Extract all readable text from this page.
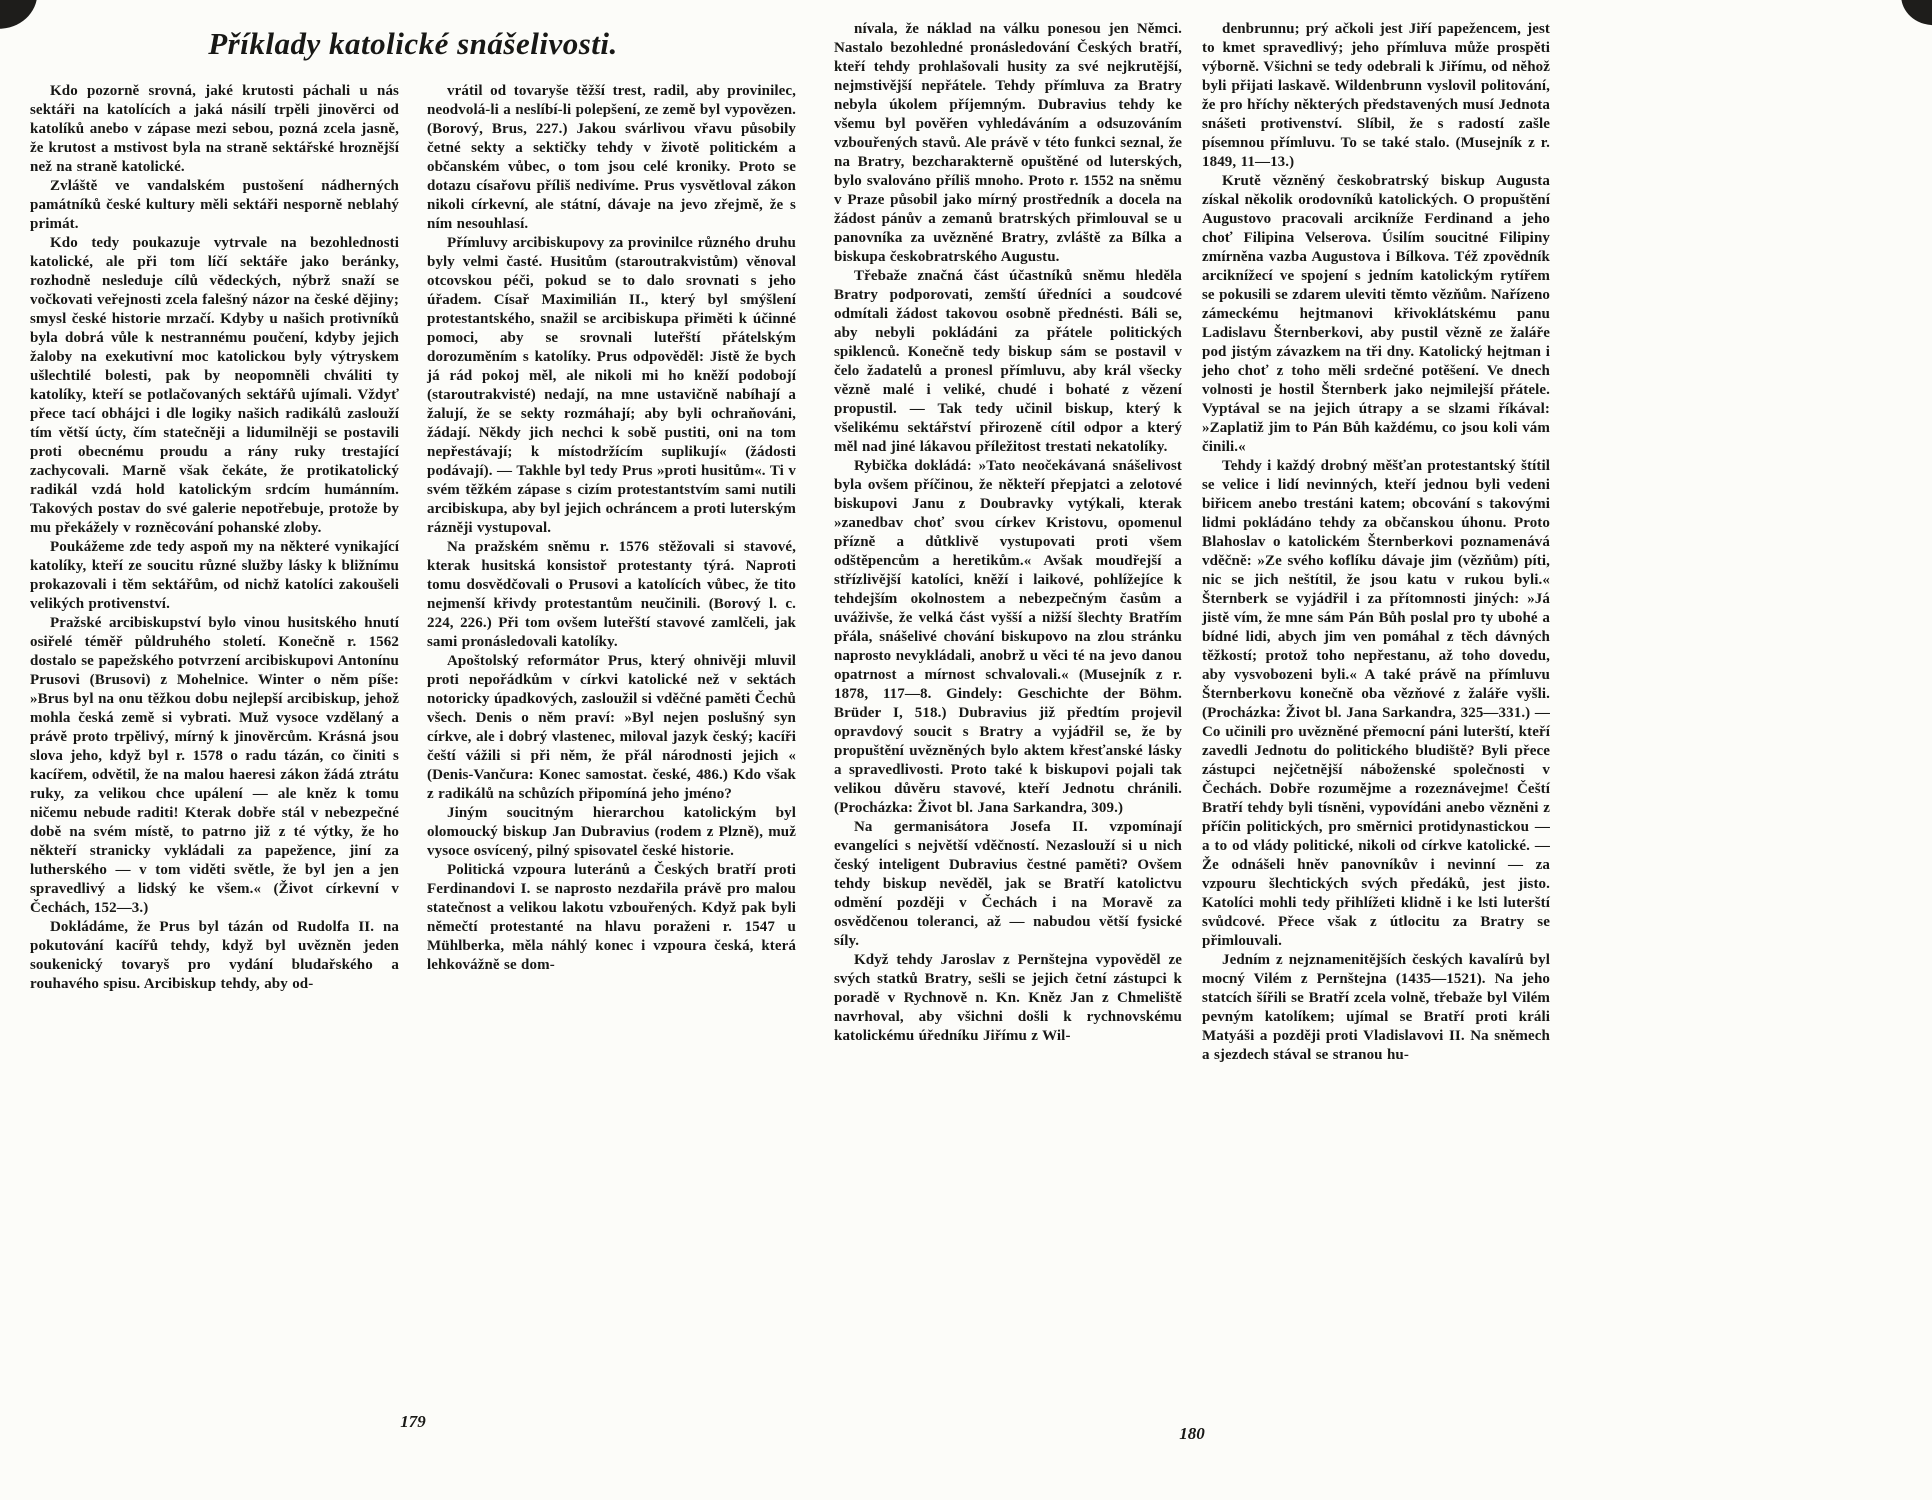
Příklady katolické snášelivosti.

Kdo pozorně srovná, jaké krutosti páchali u nás sektáři na katolících a jaká násilí trpěli jinověrci od katolíků anebo v zápase mezi sebou, pozná zcela jasně, že krutost a mstivost byla na straně sektářské hroznější než na straně katolické.

Zvláště ve vandalském pustošení nádherných památníků české kultury měli sektáři nesporně neblahý primát.

Kdo tedy poukazuje vytrvale na bezohlednosti katolické, ale při tom líčí sektáře jako beránky, rozhodně nesleduje cílů vědeckých, nýbrž snaží se vočkovati veřejnosti zcela falešný názor na české dějiny; smysl české historie mrzačí. Kdyby u našich protivníků byla dobrá vůle k nestrannému poučení, kdyby jejich žaloby na exekutivní moc katolickou byly výtryskem ušlechtilé bolesti, pak by neopomněli chváliti ty katolíky, kteří se potlačovaných sektářů ujímali. Vždyť přece tací obhájci i dle logiky našich radikálů zaslouží tím větší úcty, čím statečněji a lidumilněji se postavili proti obecnému proudu a rány ruky trestající zachycovali. Marně však čekáte, že protikatolický radikál vzdá hold katolickým srdcím humánním. Takových postav do své galerie nepotřebuje, protože by mu překážely v rozněcování pohanské zloby.

Poukážeme zde tedy aspoň my na některé vynikající katolíky, kteří ze soucitu různé služby lásky k bližnímu prokazovali i těm sektářům, od nichž katolíci zakoušeli velikých protivenství.

Pražské arcibiskupství bylo vinou husitského hnutí osiřelé téměř půldruhého století. Konečně r. 1562 dostalo se papežského potvrzení arcibiskupovi Antonínu Prusovi (Brusovi) z Mohelnice. Winter o něm píše: »Brus byl na onu těžkou dobu nejlepší arcibiskup, jehož mohla česká země si vybrati. Muž vysoce vzdělaný a právě proto trpělivý, mírný k jinověrcům. Krásná jsou slova jeho, když byl r. 1578 o radu tázán, co činiti s kacířem, odvětil, že na malou haeresi zákon žádá ztrátu ruky, za velikou chce upálení — ale kněz k tomu ničemu nebude raditi! Kterak dobře stál v nebezpečné době na svém místě, to patrno již z té výtky, že ho někteří stranicky vykládali za papežence, jiní za lutherského — v tom viděti světle, že byl jen a jen spravedlivý a lidský ke všem.« (Život církevní v Čechách, 152—3.)

Dokládáme, že Prus byl tázán od Rudolfa II. na pokutování kacířů tehdy, když byl uvězněn jeden soukenický tovaryš pro vydání bludařského a rouhavého spisu. Arcibiskup tehdy, aby od-

vrátil od tovaryše těžší trest, radil, aby provinilec, neodvolá-li a neslíbí-li polepšení, ze země byl vypovězen. (Borový, Brus, 227.) Jakou svárlivou vřavu působily četné sekty a sektičky tehdy v životě politickém a občanském vůbec, o tom jsou celé kroniky. Proto se dotazu císařovu příliš nedivíme. Prus vysvětloval zákon nikoli církevní, ale státní, dávaje na jevo zřejmě, že s ním nesouhlasí.

Přímluvy arcibiskupovy za provinilce různého druhu byly velmi časté. Husitům (staroutrakvistům) věnoval otcovskou péči, pokud se to dalo srovnati s jeho úřadem. Císař Maximilián II., který byl smýšlení protestantského, snažil se arcibiskupa přiměti k účinné pomoci, aby se srovnali luteřští přátelským dorozuměním s katolíky. Prus odpověděl: Jistě že bych já rád pokoj měl, ale nikoli mi ho kněží podobojí (staroutrakvisté) nedají, na mne ustavičně nabíhají a žalují, že se sekty rozmáhají; aby byli ochraňováni, žádají. Někdy jich nechci k sobě pustiti, oni na tom nepřestávají; k místodržícím suplikují« (žádosti podávají). — Takhle byl tedy Prus »proti husitům«. Ti v svém těžkém zápase s cizím protestantstvím sami nutili arcibiskupa, aby byl jejich ochráncem a proti luterským rázněji vystupoval.

Na pražském sněmu r. 1576 stěžovali si stavové, kterak husitská konsistoř protestanty týrá. Naproti tomu dosvědčovali o Prusovi a katolících vůbec, že tito nejmenší křivdy protestantům neučinili. (Borový l. c. 224, 226.) Při tom ovšem luteřští stavové zamlčeli, jak sami pronásledovali katolíky.

Apoštolský reformátor Prus, který ohnivěji mluvil proti nepořádkům v církvi katolické než v sektách notoricky úpadkových, zasloužil si vděčné paměti Čechů všech. Denis o něm praví: »Byl nejen poslušný syn církve, ale i dobrý vlastenec, miloval jazyk český; kacíři čeští vážili si při něm, že přál národnosti jejich « (Denis-Vančura: Konec samostat. české, 486.) Kdo však z radikálů na schůzích připomíná jeho jméno?

Jiným soucitným hierarchou katolickým byl olomoucký biskup Jan Dubravius (rodem z Plzně), muž vysoce osvícený, pilný spisovatel české historie.

Politická vzpoura luteránů a Českých bratří proti Ferdinandovi I. se naprosto nezdařila právě pro malou statečnost a velikou lakotu vzbouřených. Když pak byli němečtí protestanté na hlavu poraženi r. 1547 u Mühlberka, měla náhlý konec i vzpoura česká, která lehkovážně se dom-

nívala, že náklad na válku ponesou jen Němci. Nastalo bezohledné pronásledování Českých bratří, kteří tehdy prohlašovali husity za své nejkrutější, nejmstivější nepřátele. Tehdy přímluva za Bratry nebyla úkolem příjemným. Dubravius tehdy ke všemu byl pověřen vyhledáváním a odsuzováním vzbouřených stavů. Ale právě v této funkci seznal, že na Bratry, bezcharakterně opuštěné od luterských, bylo svalováno příliš mnoho. Proto r. 1552 na sněmu v Praze působil jako mírný prostředník a docela na žádost pánův a zemanů bratrských přimlouval se u panovníka za uvězněné Bratry, zvláště za Bílka a biskupa českobratrského Augustu.

Třebaže značná část účastníků sněmu hleděla Bratry podporovati, zemští úředníci a soudcové odmítali žádost takovou osobně přednésti. Báli se, aby nebyli pokládáni za přátele politických spiklenců. Konečně tedy biskup sám se postavil v čelo žadatelů a pronesl přímluvu, aby král všecky vězně malé i veliké, chudé i bohaté z vězení propustil. — Tak tedy učinil biskup, který k všelikému sektářství přirozeně cítil odpor a který měl nad jiné lákavou příležitost trestati nekatolíky.

Rybička dokládá: »Tato neočekávaná snášelivost byla ovšem příčinou, že někteří přepjatci a zelotové biskupovi Janu z Doubravky vytýkali, kterak »zanedbav choť svou církev Kristovu, opomenul přízně a důtklivě vystupovati proti všem odštěpencům a heretikům.« Avšak moudřejší a střízlivější katolíci, kněží i laikové, pohlížejíce k tehdejším okolnostem a nebezpečným časům a uváživše, že velká část vyšší a nižší šlechty Bratřím přála, snášelivé chování biskupovo na zlou stránku naprosto nevykládali, anobrž u věci té na jevo danou opatrnost a mírnost schvalovali.« (Musejník z r. 1878, 117—8. Gindely: Geschichte der Böhm. Brüder I, 518.) Dubravius již předtím projevil opravdový soucit s Bratry a vyjádřil se, že by propuštění uvězněných bylo aktem křesťanské lásky a spravedlivosti. Proto také k biskupovi pojali tak velikou důvěru stavové, kteří Jednotu chránili. (Procházka: Život bl. Jana Sarkandra, 309.)

Na germanisátora Josefa II. vzpomínají evangelíci s největší vděčností. Nezaslouží si u nich český inteligent Dubravius čestné paměti? Ovšem tehdy biskup nevěděl, jak se Bratří katolictvu odmění později v Čechách i na Moravě za osvědčenou toleranci, až — nabudou větší fysické síly.

Když tehdy Jaroslav z Pernštejna vypověděl ze svých statků Bratry, sešli se jejich četní zástupci k poradě v Rychnově n. Kn. Kněz Jan z Chmeliště navrhoval, aby všichni došli k rychnovskému katolickému úředníku Jiřímu z Wil-

denbrunnu; prý ačkoli jest Jiří papežencem, jest to kmet spravedlivý; jeho přímluva může prospěti výborně. Všichni se tedy odebrali k Jiřímu, od něhož byli přijati laskavě. Wildenbrunn vyslovil politování, že pro hříchy některých představených musí Jednota snášeti protivenství. Slíbil, že s radostí zašle písemnou přímluvu. To se také stalo. (Musejník z r. 1849, 11—13.)

Krutě vězněný českobratrský biskup Augusta získal několik orodovníků katolických. O propuštění Augustovo pracovali arcikníže Ferdinand a jeho choť Filipina Velserova. Úsilím soucitné Filipiny zmírněna vazba Augustova i Bílkova. Též zpovědník arciknížecí ve spojení s jedním katolickým rytířem se pokusili se zdarem uleviti těmto vězňům. Nařízeno zámeckému hejtmanovi křivoklátskému panu Ladislavu Šternberkovi, aby pustil vězně ze žaláře pod jistým závazkem na tři dny. Katolický hejtman i jeho choť z toho měli srdečné potěšení. Ve dnech volnosti je hostil Šternberk jako nejmilejší přátele. Vyptával se na jejich útrapy a se slzami říkával: »Zaplatiž jim to Pán Bůh každému, co jsou koli vám činili.«

Tehdy i každý drobný měšťan protestantský štítil se velice i lidí nevinných, kteří jednou byli vedeni biřicem anebo trestáni katem; obcování s takovými lidmi pokládáno tehdy za občanskou úhonu. Proto Blahoslav o katolickém Šternberkovi poznamenává vděčně: »Ze svého koflíku dávaje jim (vězňům) píti, nic se jich neštítil, že jsou katu v rukou byli.« Šternberk se vyjádřil i za přítomnosti jiných: »Já jistě vím, že mne sám Pán Bůh poslal pro ty ubohé a bídné lidi, abych jim ven pomáhal z těch dávných těžkostí; protož toho nepřestanu, až toho dovedu, aby vysvobozeni byli.« A také právě na přímluvu Šternberkovu konečně oba vězňové z žaláře vyšli. (Procházka: Život bl. Jana Sarkandra, 325—331.) — Co učinili pro uvězněné přemocní páni luterští, kteří zavedli Jednotu do politického bludiště? Byli přece zástupci nejčetnější náboženské společnosti v Čechách. Dobře rozumějme a rozeznávejme! Čeští Bratří tehdy byli tísněni, vypovídáni anebo vězněni z příčin politických, pro směrnici protidynastickou — a to od vlády politické, nikoli od církve katolické. — Že odnášeli hněv panovníkův i nevinní — za vzpouru šlechtických svých předáků, jest jisto. Katolíci mohli tedy přihlížeti klidně i ke lsti luterští svůdcové. Přece však z útlocitu za Bratry se přimlouvali.

Jedním z nejznamenitějších českých kavalírů byl mocný Vilém z Pernštejna (1435—1521). Na jeho statcích šířili se Bratří zcela volně, třebaže byl Vilém pevným katolíkem; ujímal se Bratří proti králi Matyáši a později proti Vladislavovi II. Na sněmech a sjezdech stával se stranou hu-

179
180
